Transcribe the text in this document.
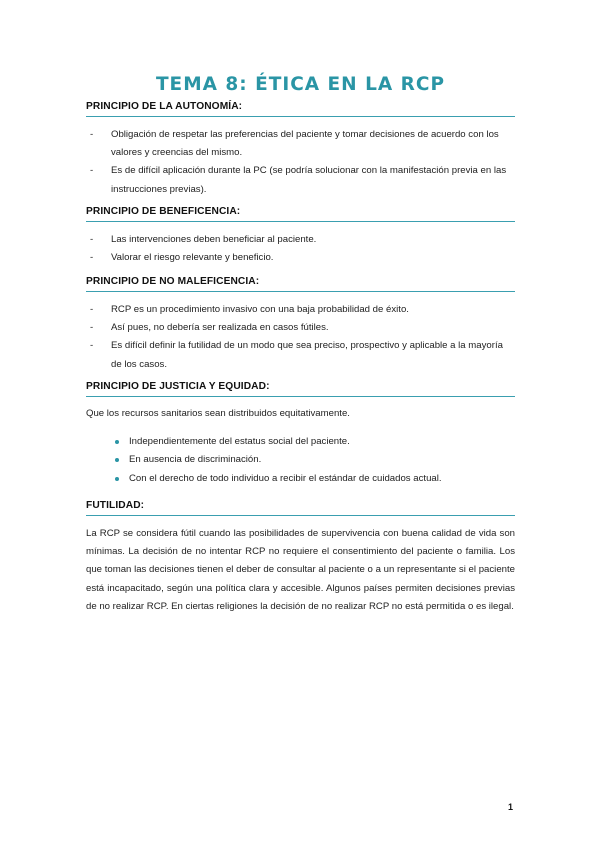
TEMA 8: ÉTICA EN LA RCP
PRINCIPIO DE LA AUTONOMÍA:
- Obligación de respetar las preferencias del paciente y tomar decisiones de acuerdo con los valores y creencias del mismo.
- Es de difícil aplicación durante la PC (se podría solucionar con la manifestación previa en las instrucciones previas).
PRINCIPIO DE BENEFICENCIA:
- Las intervenciones deben beneficiar al paciente.
- Valorar el riesgo relevante y beneficio.
PRINCIPIO DE NO MALEFICENCIA:
- RCP es un procedimiento invasivo con una baja probabilidad de éxito.
- Así pues, no debería ser realizada en casos fútiles.
- Es difícil definir la futilidad de un modo que sea preciso, prospectivo y aplicable a la mayoría de los casos.
PRINCIPIO DE JUSTICIA Y EQUIDAD:

Que los recursos sanitarios sean distribuidos equitativamente.

Independientemente del estatus social del paciente.
En ausencia de discriminación.
Con el derecho de todo individuo a recibir el estándar de cuidados actual.
FUTILIDAD:

La RCP se considera fútil cuando las posibilidades de supervivencia con buena calidad de vida son mínimas. La decisión de no intentar RCP no requiere el consentimiento del paciente o familia. Los que toman las decisiones tienen el deber de consultar al paciente o a un representante si el paciente está incapacitado, según una política clara y accesible. Algunos países permiten decisiones previas de no realizar RCP. En ciertas religiones la decisión de no realizar RCP no está permitida o es ilegal.

1
